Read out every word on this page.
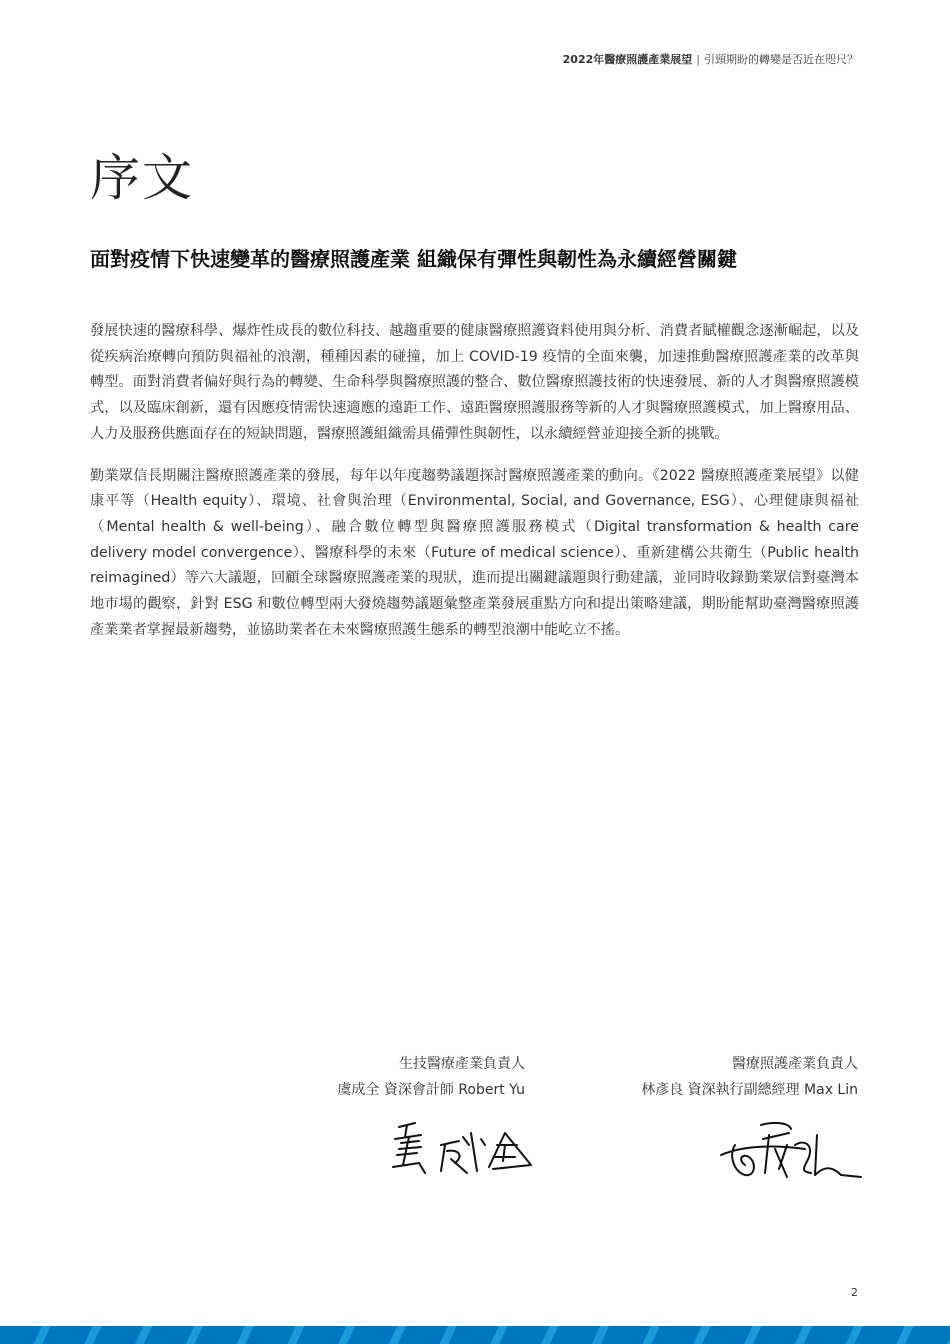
2022年醫療照護產業展望 | 引頸期盼的轉變是否近在咫尺？
序文
面對疫情下快速變革的醫療照護產業 組織保有彈性與韌性為永續經營關鍵

發展快速的醫療科學、爆炸性成長的數位科技、越趨重要的健康醫療照護資料使用與分析、消費者賦權觀念逐漸崛起，以及從疾病治療轉向預防與福祉的浪潮，種種因素的碰撞，加上 COVID-19 疫情的全面來襲，加速推動醫療照護產業的改革與轉型。面對消費者偏好與行為的轉變、生命科學與醫療照護的整合、數位醫療照護技術的快速發展、新的人才與醫療照護模式，以及臨床創新，還有因應疫情需快速適應的遠距工作、遠距醫療照護服務等新的人才與醫療照護模式，加上醫療用品、人力及服務供應面存在的短缺問題，醫療照護組織需具備彈性與韌性，以永續經營並迎接全新的挑戰。

勤業眾信長期關注醫療照護產業的發展，每年以年度趨勢議題探討醫療照護產業的動向。《2022 醫療照護產業展望》以健康平等（Health equity）、環境、社會與治理（Environmental, Social, and Governance, ESG）、心理健康與福祉（Mental health & well-being）、融合數位轉型與醫療照護服務模式（Digital transformation & health care delivery model convergence）、醫療科學的未來（Future of medical science）、重新建構公共衛生（Public health reimagined）等六大議題，回顧全球醫療照護產業的現狀，進而提出關鍵議題與行動建議，並同時收錄勤業眾信對臺灣本地市場的觀察，針對 ESG 和數位轉型兩大發燒趨勢議題彙整產業發展重點方向和提出策略建議，期盼能幫助臺灣醫療照護產業業者掌握最新趨勢，並協助業者在未來醫療照護生態系的轉型浪潮中能屹立不搖。

生技醫療產業負責人
虞成全 資深會計師 Robert Yu
醫療照護產業負責人
林彥良 資深執行副總經理 Max Lin
2
